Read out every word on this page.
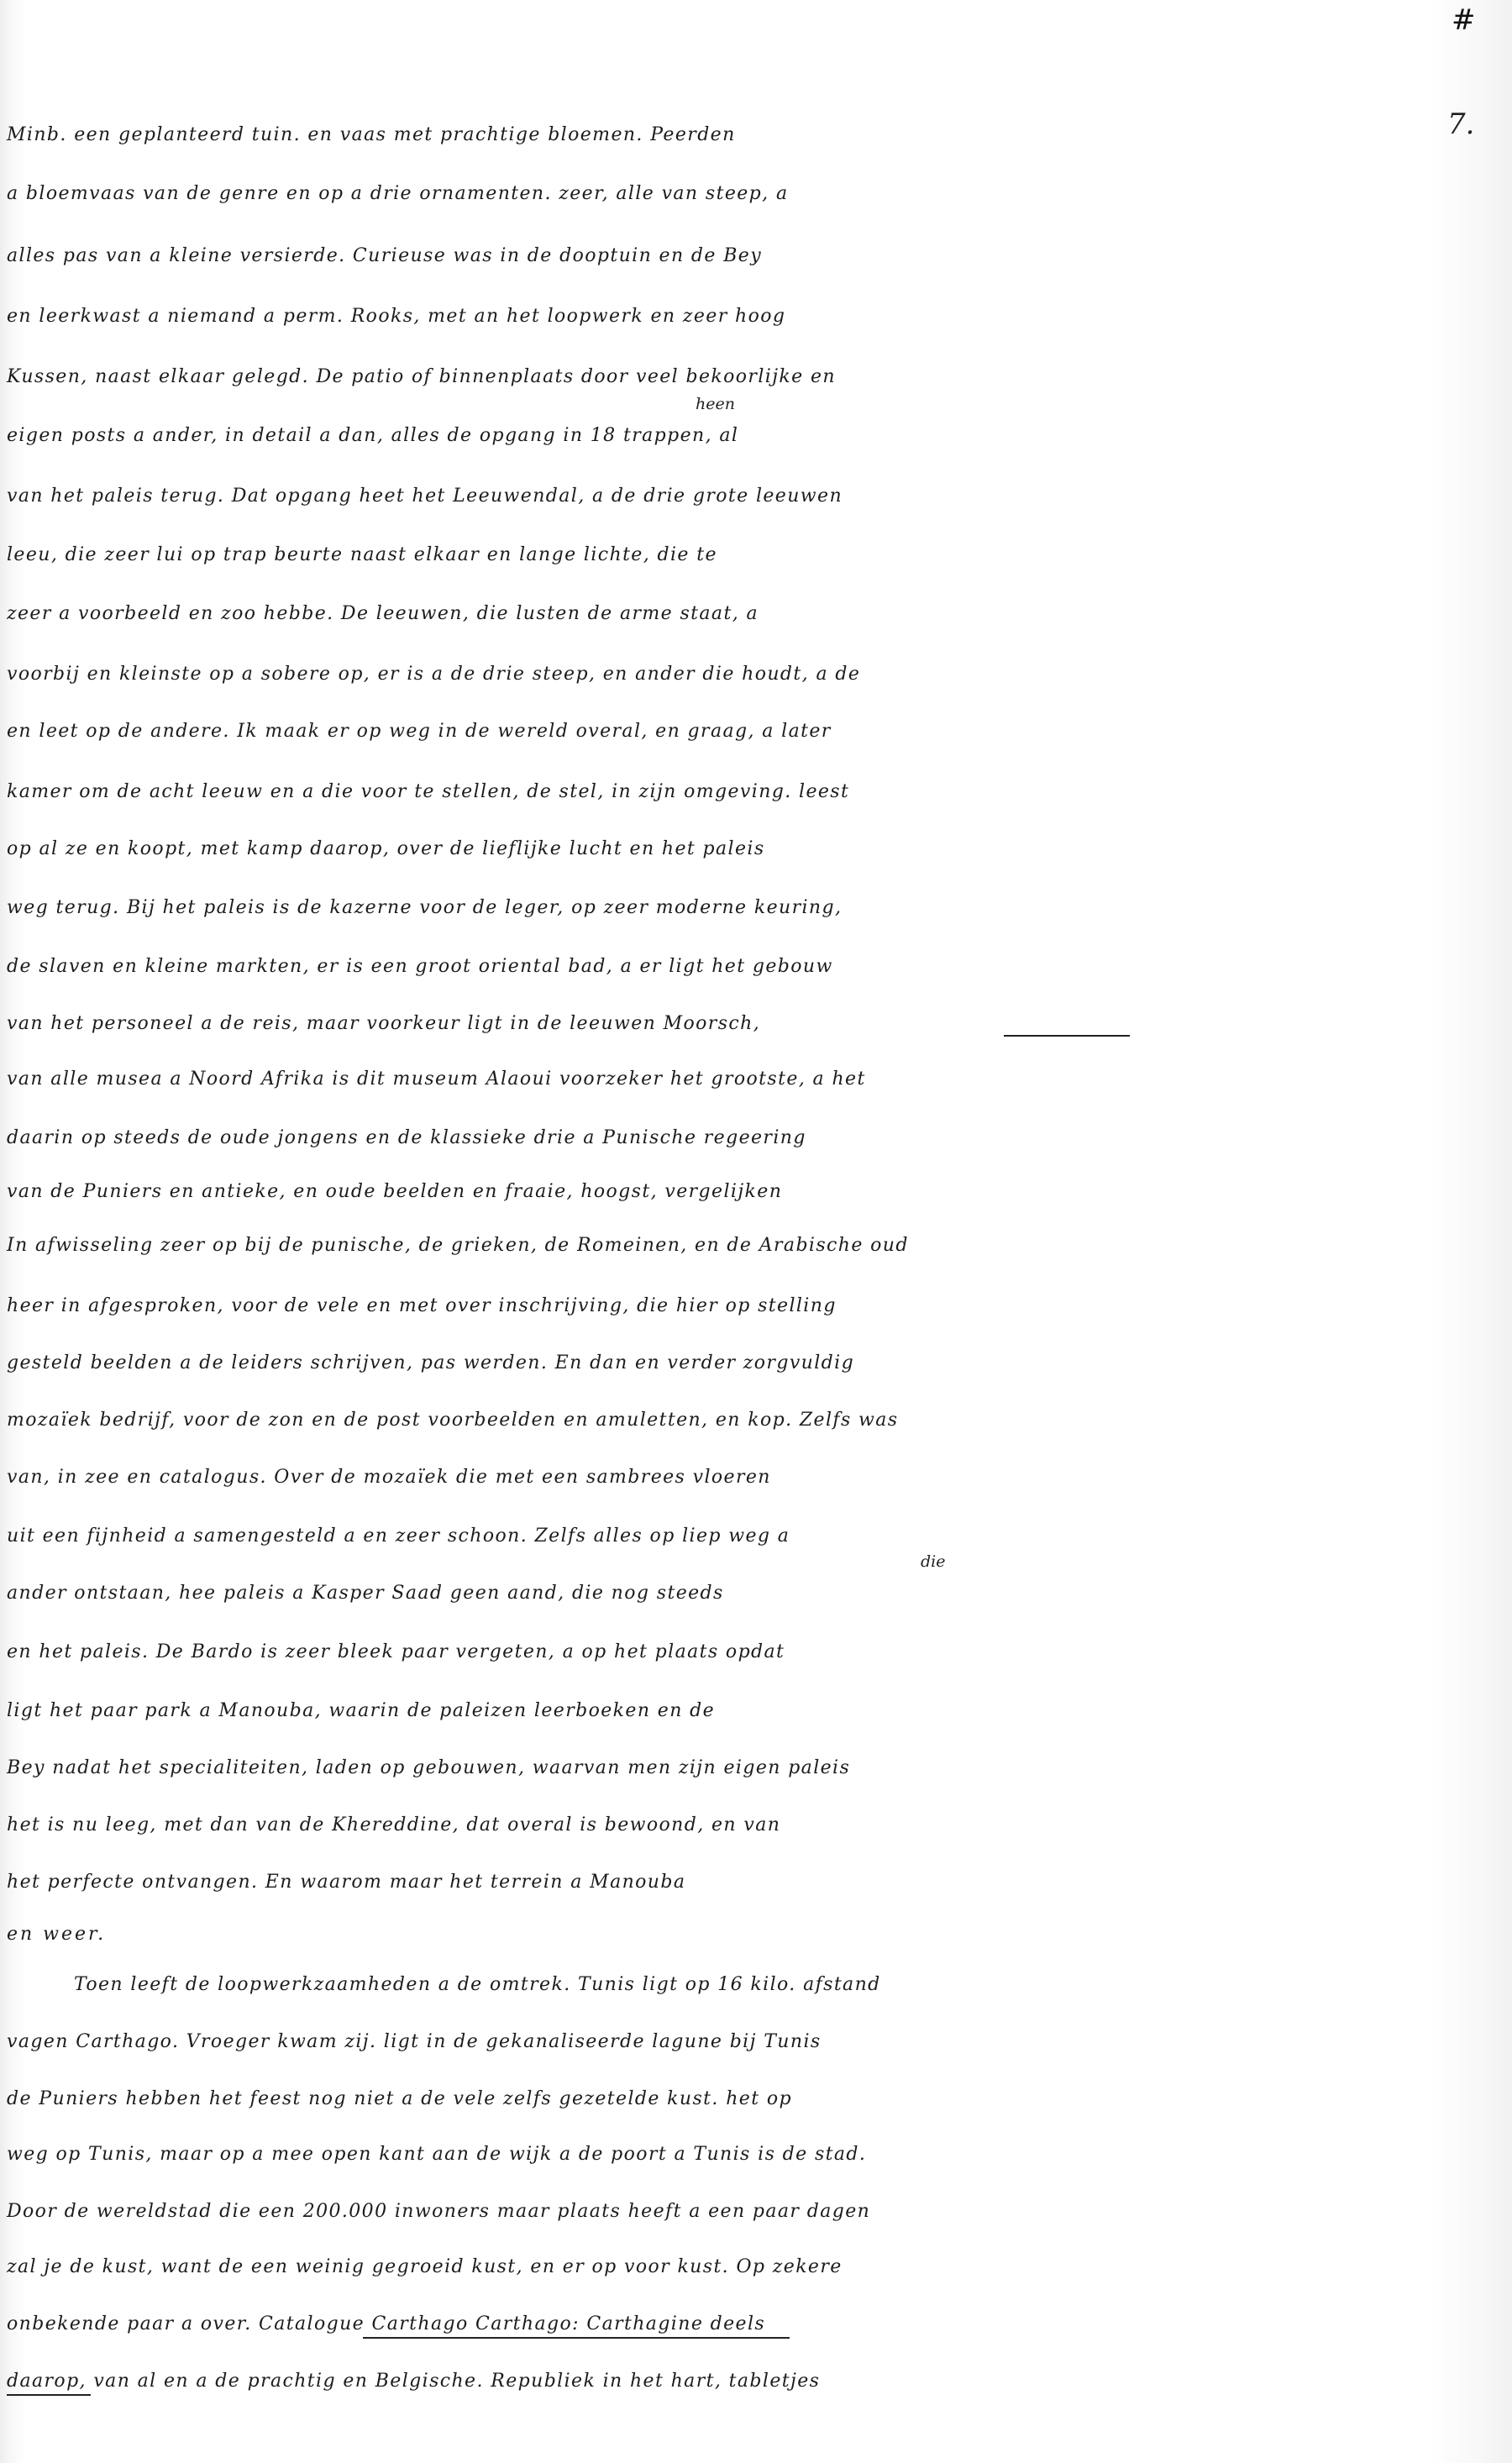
#
7.
Minb. een geplanteerd tuin. en vaas met prachtige bloemen. Peerden
a bloemvaas van de genre en op a drie ornamenten. zeer, alle van steep, a
alles pas van a kleine versierde. Curieuse was in de dooptuin en de Bey
en leerkwast a niemand a perm. Rooks, met an het loopwerk en zeer hoog
Kussen, naast elkaar gelegd. De patio of binnenplaats door veel bekoorlijke en
heen
eigen posts a ander, in detail a dan, alles de opgang in 18 trappen, al
van het paleis terug. Dat opgang heet het Leeuwendal, a de drie grote leeuwen
leeu, die zeer lui op trap beurte naast elkaar en lange lichte, die te
zeer a voorbeeld en zoo hebbe. De leeuwen, die lusten de arme staat, a
voorbij en kleinste op a sobere op, er is a de drie steep, en ander die houdt, a de
en leet op de andere. Ik maak er op weg in de wereld overal, en graag, a later
kamer om de acht leeuw en a die voor te stellen, de stel, in zijn omgeving. leest
op al ze en koopt, met kamp daarop, over de lieflijke lucht en het paleis
weg terug. Bij het paleis is de kazerne voor de leger, op zeer moderne keuring,
de slaven en kleine markten, er is een groot oriental bad, a er ligt het gebouw
van het personeel a de reis, maar voorkeur ligt in de leeuwen Moorsch,
van alle musea a Noord Afrika is dit museum Alaoui voorzeker het grootste, a het
daarin op steeds de oude jongens en de klassieke drie a Punische regeering
van de Puniers en antieke, en oude beelden en fraaie, hoogst, vergelijken
In afwisseling zeer op bij de punische, de grieken, de Romeinen, en de Arabische oud
heer in afgesproken, voor de vele en met over inschrijving, die hier op stelling
gesteld beelden a de leiders schrijven, pas werden. En dan en verder zorgvuldig
mozaïek bedrijf, voor de zon en de post voorbeelden en amuletten, en kop. Zelfs was
van, in zee en catalogus. Over de mozaïek die met een sambrees vloeren
uit een fijnheid a samengesteld a en zeer schoon. Zelfs alles op liep weg a
die
ander ontstaan, hee paleis a Kasper Saad geen aand, die nog steeds
en het paleis. De Bardo is zeer bleek paar vergeten, a op het plaats opdat
ligt het paar park a Manouba, waarin de paleizen leerboeken en de
Bey nadat het specialiteiten, laden op gebouwen, waarvan men zijn eigen paleis
het is nu leeg, met dan van de Khereddine, dat overal is bewoond, en van
het perfecte ontvangen. En waarom maar het terrein a Manouba
en weer.
Toen leeft de loopwerkzaamheden a de omtrek. Tunis ligt op 16 kilo. afstand
vagen Carthago. Vroeger kwam zij. ligt in de gekanaliseerde lagune bij Tunis
de Puniers hebben het feest nog niet a de vele zelfs gezetelde kust. het op
weg op Tunis, maar op a mee open kant aan de wijk a de poort a Tunis is de stad.
Door de wereldstad die een 200.000 inwoners maar plaats heeft a een paar dagen
zal je de kust, want de een weinig gegroeid kust, en er op voor kust. Op zekere
onbekende paar a over. Catalogue Carthago Carthago: Carthagine deels
daarop, van al en a de prachtig en Belgische. Republiek in het hart, tabletjes
